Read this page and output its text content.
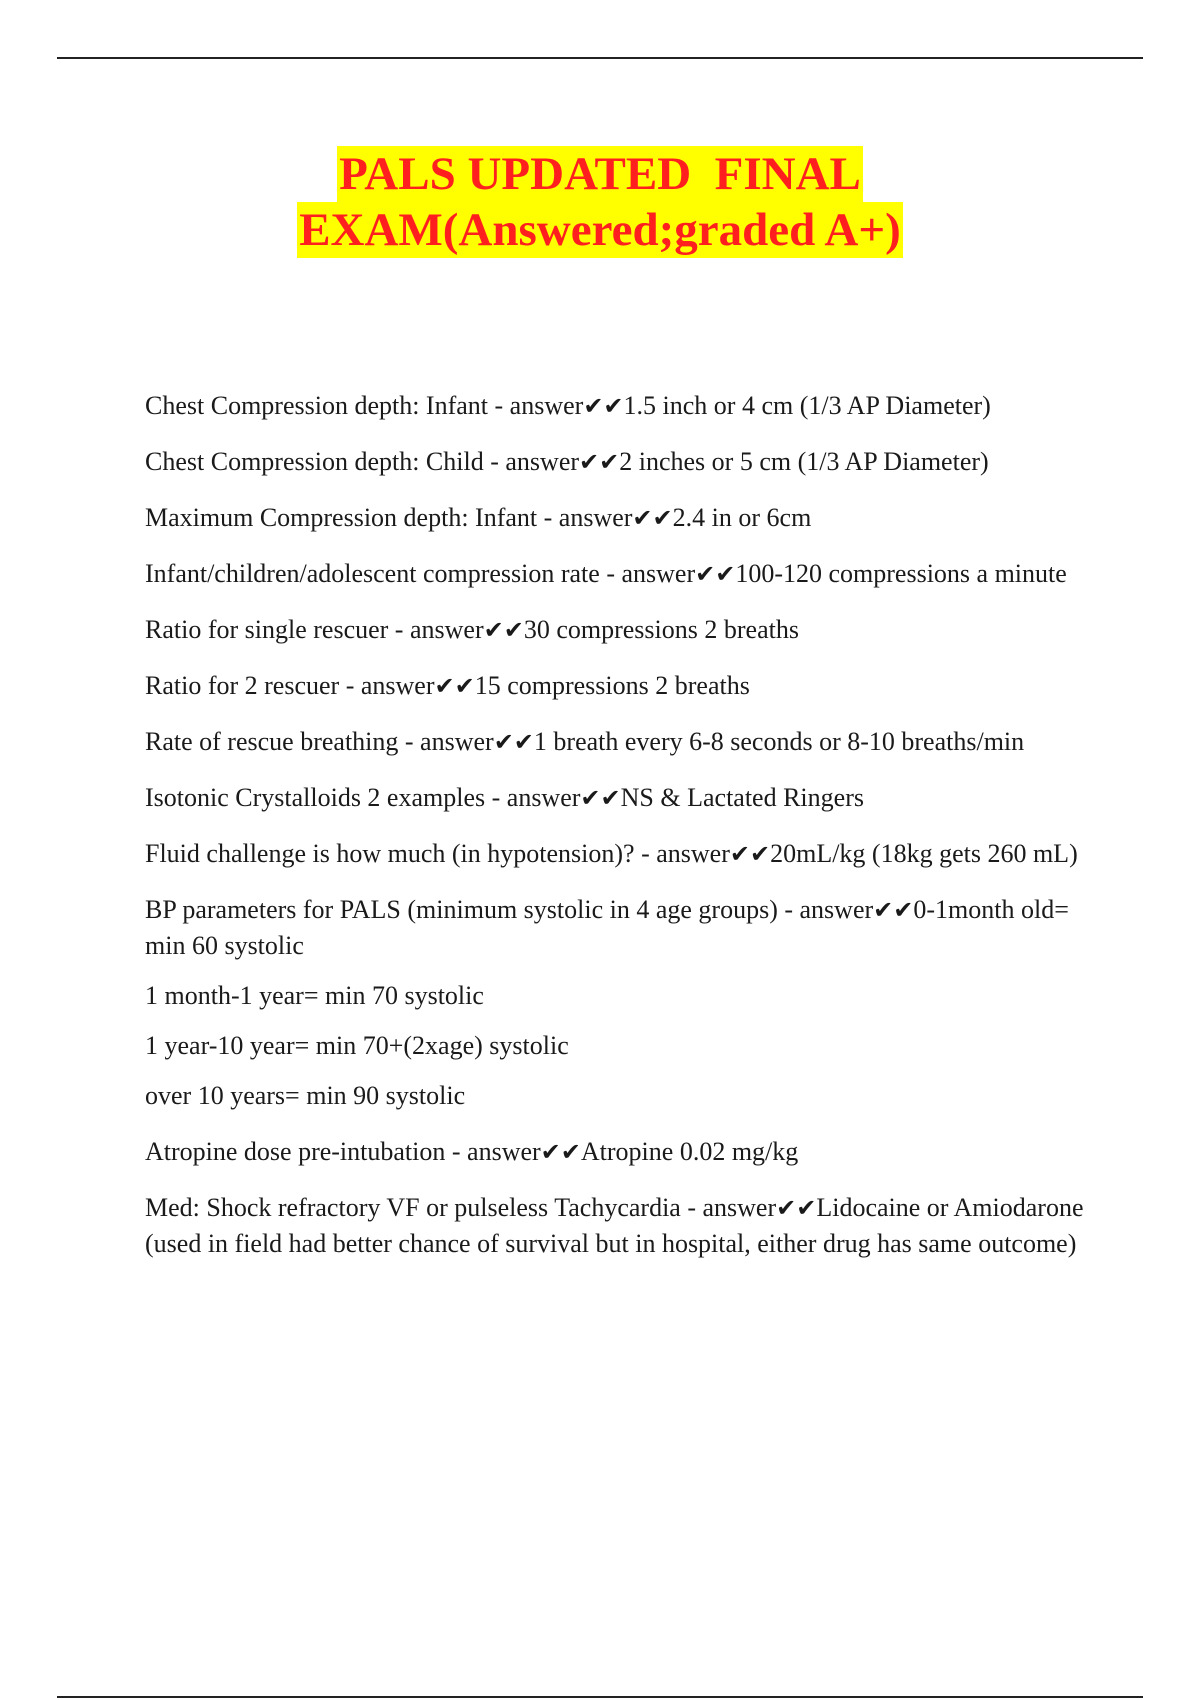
PALS UPDATED  FINAL
EXAM(Answered;graded A+)
Chest Compression depth: Infant - answer✔✔1.5 inch or 4 cm (1/3 AP Diameter)
Chest Compression depth: Child - answer✔✔2 inches or 5 cm (1/3 AP Diameter)
Maximum Compression depth: Infant - answer✔✔2.4 in or 6cm
Infant/children/adolescent compression rate - answer✔✔100-120 compressions a minute
Ratio for single rescuer - answer✔✔30 compressions 2 breaths
Ratio for 2 rescuer - answer✔✔15 compressions 2 breaths
Rate of rescue breathing - answer✔✔1 breath every 6-8 seconds or 8-10 breaths/min
Isotonic Crystalloids 2 examples - answer✔✔NS & Lactated Ringers
Fluid challenge is how much (in hypotension)? - answer✔✔20mL/kg (18kg gets 260 mL)
BP parameters for PALS (minimum systolic in 4 age groups) - answer✔✔0-1month old= min 60 systolic
1 month-1 year= min 70 systolic
1 year-10 year= min 70+(2xage) systolic
over 10 years= min 90 systolic
Atropine dose pre-intubation - answer✔✔Atropine 0.02 mg/kg
Med: Shock refractory VF or pulseless Tachycardia - answer✔✔Lidocaine or Amiodarone (used in field had better chance of survival but in hospital, either drug has same outcome)
